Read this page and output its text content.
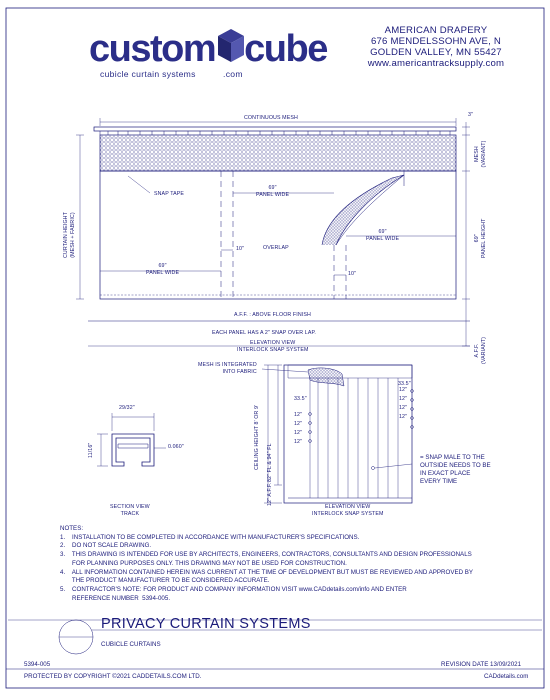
custom cube
.com
cubicle curtain systems
AMERICAN DRAPERY
676 MENDELSSOHN AVE, N
GOLDEN VALLEY, MN 55427
www.americantracksupply.com
CONTINUOUS MESH	3"
MESH
(VARIANT)
SNAP TAPE
69"
PANEL WIDE
69"
PANEL WIDE
69"
PANEL WIDE
OVERLAP
10"
10"
CURTAIN HEIGHT
(MESH + FABRIC)
69"
PANEL HEIGHT
A.F.F. : ABOVE FLOOR FINISH
A.F.F.
(VARIANT)
EACH PANEL HAS A 2" SNAP OVER LAP.
ELEVATION VIEW
INTERLOCK SNAP SYSTEM
29/32"
11/16"	0.060"
SECTION VIEW
TRACK
MESH IS INTEGRATED
INTO FABRIC
33.5"
33.5"
12"
12"
12"
12"
12"
12"
12"
12"
CEILING HEIGHT 8' OR 9' 82" FL & 94" FL
12" A.F.F.
= SNAP MALE TO THE
OUTSIDE NEEDS TO BE
IN EXACT PLACE
EVERY TIME
ELEVATION VIEW
INTERLOCK SNAP SYSTEM
NOTES:
1.    INSTALLATION TO BE COMPLETED IN ACCORDANCE WITH MANUFACTURER'S SPECIFICATIONS.
2.    DO NOT SCALE DRAWING.
3.    THIS DRAWING IS INTENDED FOR USE BY ARCHITECTS, ENGINEERS, CONTRACTORS, CONSULTANTS AND DESIGN PROFESSIONALS
FOR PLANNING PURPOSES ONLY. THIS DRAWING MAY NOT BE USED FOR CONSTRUCTION.
4.    ALL INFORMATION CONTAINED HEREIN WAS CURRENT AT THE TIME OF DEVELOPMENT BUT MUST BE REVIEWED AND APPROVED BY
THE PRODUCT MANUFACTURER TO BE CONSIDERED ACCURATE.
5.    CONTRACTOR'S NOTE: FOR PRODUCT AND COMPANY INFORMATION VISIT www.CADdetails.com/info AND ENTER
REFERENCE NUMBER  5394-005.
PRIVACY CURTAIN SYSTEMS
CUBICLE CURTAINS
5394-005	REVISION DATE 13/09/2021
PROTECTED BY COPYRIGHT ©2021 CADDETAILS.COM LTD.	CADdetails.com
